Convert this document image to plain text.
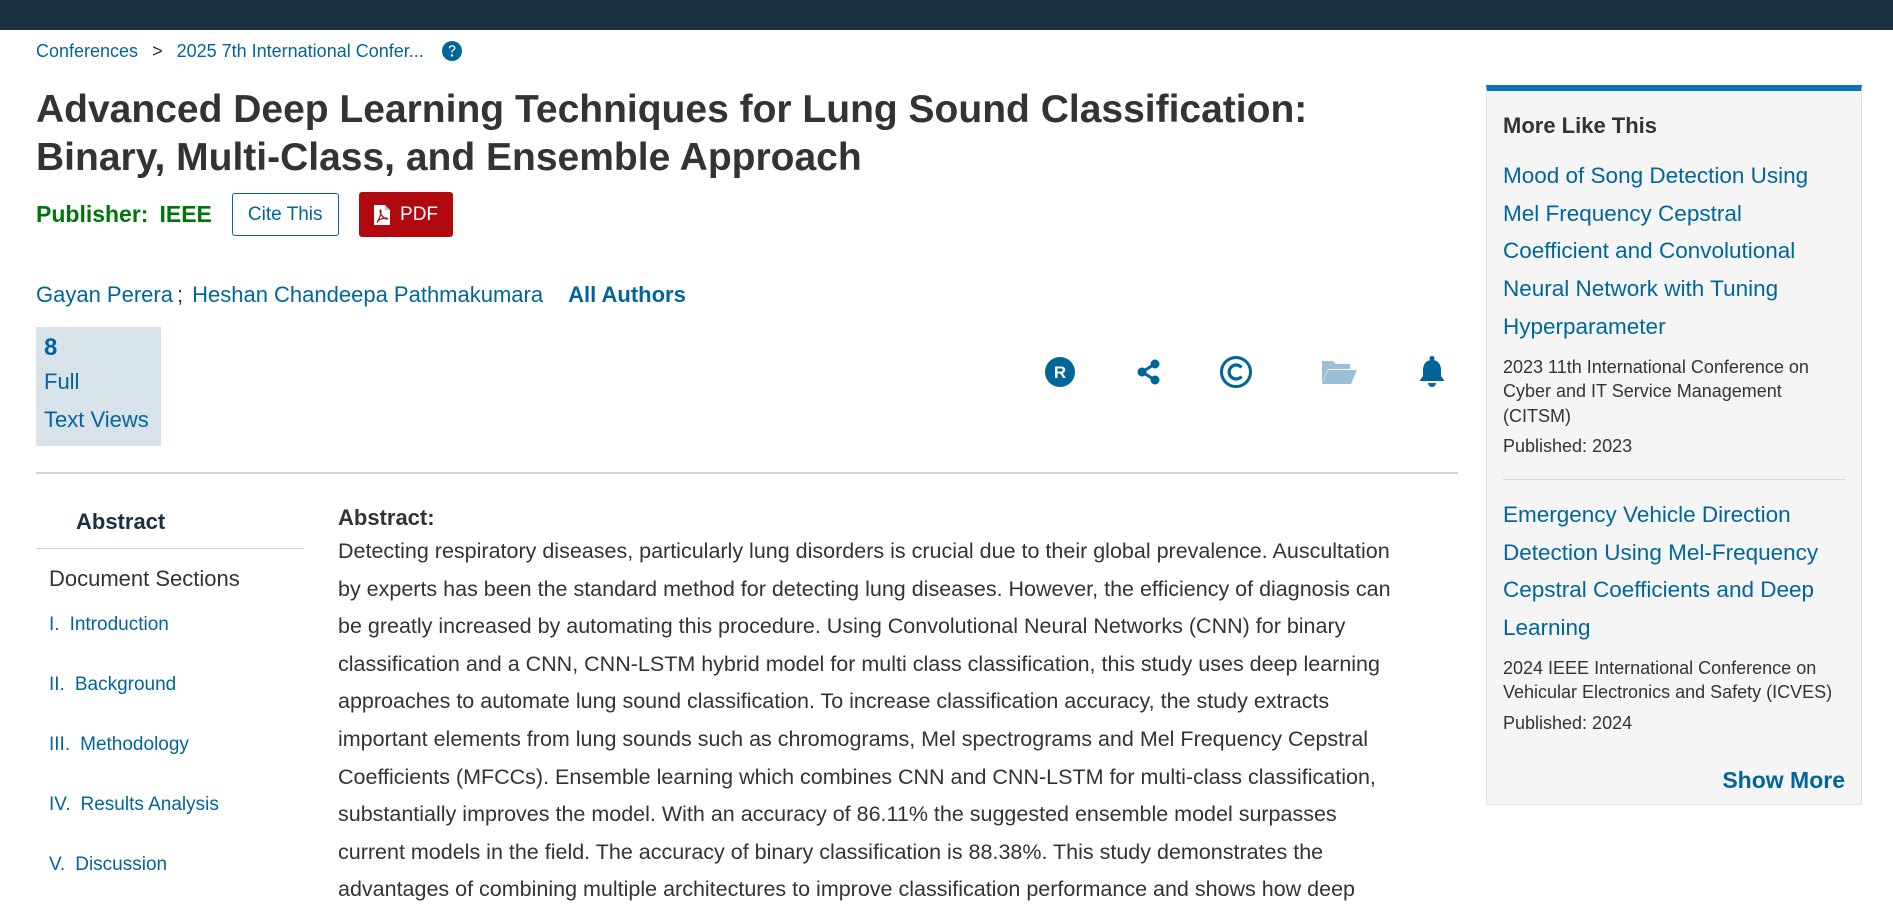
Conferences > 2025 7th International Confer...
Advanced Deep Learning Techniques for Lung Sound Classification: Binary, Multi-Class, and Ensemble Approach
Publisher: IEEE	Cite This	PDF
Gayan Perera ; Heshan Chandeepa Pathmakumara All Authors
8
Full
Text Views
R
Abstract
Document Sections
I. Introduction
II. Background
III. Methodology
IV. Results Analysis
V. Discussion
Abstract:
Detecting respiratory diseases, particularly lung disorders is crucial due to their global prevalence. Auscultation
by experts has been the standard method for detecting lung diseases. However, the efficiency of diagnosis can
be greatly increased by automating this procedure. Using Convolutional Neural Networks (CNN) for binary
classification and a CNN, CNN-LSTM hybrid model for multi class classification, this study uses deep learning
approaches to automate lung sound classification. To increase classification accuracy, the study extracts
important elements from lung sounds such as chromograms, Mel spectrograms and Mel Frequency Cepstral
Coefficients (MFCCs). Ensemble learning which combines CNN and CNN-LSTM for multi-class classification,
substantially improves the model. With an accuracy of 86.11% the suggested ensemble model surpasses
current models in the field. The accuracy of binary classification is 88.38%. This study demonstrates the
advantages of combining multiple architectures to improve classification performance and shows how deep
More Like This
Mood of Song Detection Using
Mel Frequency Cepstral
Coefficient and Convolutional
Neural Network with Tuning
Hyperparameter
2023 11th International Conference on
Cyber and IT Service Management
(CITSM)
Published: 2023
Emergency Vehicle Direction
Detection Using Mel-Frequency
Cepstral Coefficients and Deep
Learning
2024 IEEE International Conference on
Vehicular Electronics and Safety (ICVES)
Published: 2024
Show More
